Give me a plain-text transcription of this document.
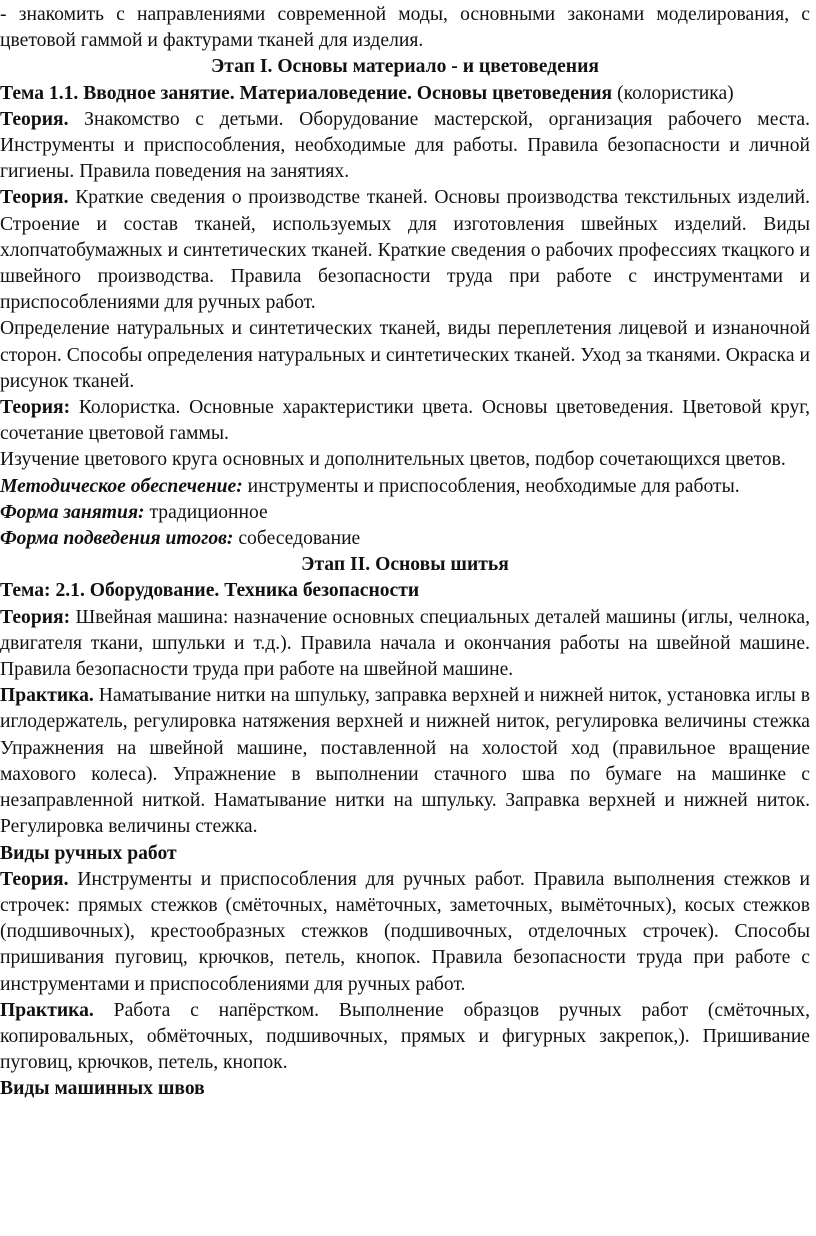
- знакомить с направлениями современной моды, основными законами моделирования, с цветовой гаммой и фактурами тканей для изделия.

Этап I. Основы материало - и цветоведения

Тема 1.1. Вводное занятие. Материаловедение. Основы цветоведения (колористика)

Теория. Знакомство с детьми. Оборудование мастерской, организация рабочего места. Инструменты и приспособления, необходимые для работы. Правила безопасности и личной гигиены. Правила поведения на занятиях.

Теория. Краткие сведения о производстве тканей. Основы производства текстильных изделий. Строение и состав тканей, используемых для изготовления швейных изделий. Виды хлопчатобумажных и синтетических тканей. Краткие сведения о рабочих профессиях ткацкого и швейного производства. Правила безопасности труда при работе с инструментами и приспособлениями для ручных работ.

Определение натуральных и синтетических тканей, виды переплетения лицевой и изнаночной сторон. Способы определения натуральных и синтетических тканей. Уход за тканями. Окраска и рисунок тканей.

Теория: Колористка. Основные характеристики цвета. Основы цветоведения. Цветовой круг, сочетание цветовой гаммы.

Изучение цветового круга основных и дополнительных цветов, подбор сочетающихся цветов.

Методическое обеспечение: инструменты и приспособления, необходимые для работы.

Форма занятия: традиционное

Форма подведения итогов: собеседование

Этап II. Основы шитья
Тема: 2.1. Оборудование. Техника безопасности

Теория: Швейная машина: назначение основных специальных деталей машины (иглы, челнока, двигателя ткани, шпульки и т.д.). Правила начала и окончания работы на швейной машине. Правила безопасности труда при работе на швейной машине.

Практика. Наматывание нитки на шпульку, заправка верхней и нижней ниток, установка иглы в иглодержатель, регулировка натяжения верхней и нижней ниток, регулировка величины стежка Упражнения на швейной машине, поставленной на холостой ход (правильное вращение махового колеса). Упражнение в выполнении стачного шва по бумаге на машинке с незаправленной ниткой. Наматывание нитки на шпульку. Заправка верхней и нижней ниток. Регулировка величины стежка.

Виды ручных работ

Теория. Инструменты и приспособления для ручных работ. Правила выполнения стежков и строчек: прямых стежков (смёточных, намёточных, заметочных, вымёточных), косых стежков (подшивочных), крестообразных стежков (подшивочных, отделочных строчек). Способы пришивания пуговиц, крючков, петель, кнопок. Правила безопасности труда при работе с инструментами и приспособлениями для ручных работ.

Практика. Работа с напёрстком. Выполнение образцов ручных работ (смёточных, копировальных, обмёточных, подшивочных, прямых и фигурных закрепок,). Пришивание пуговиц, крючков, петель, кнопок.

Виды машинных швов
